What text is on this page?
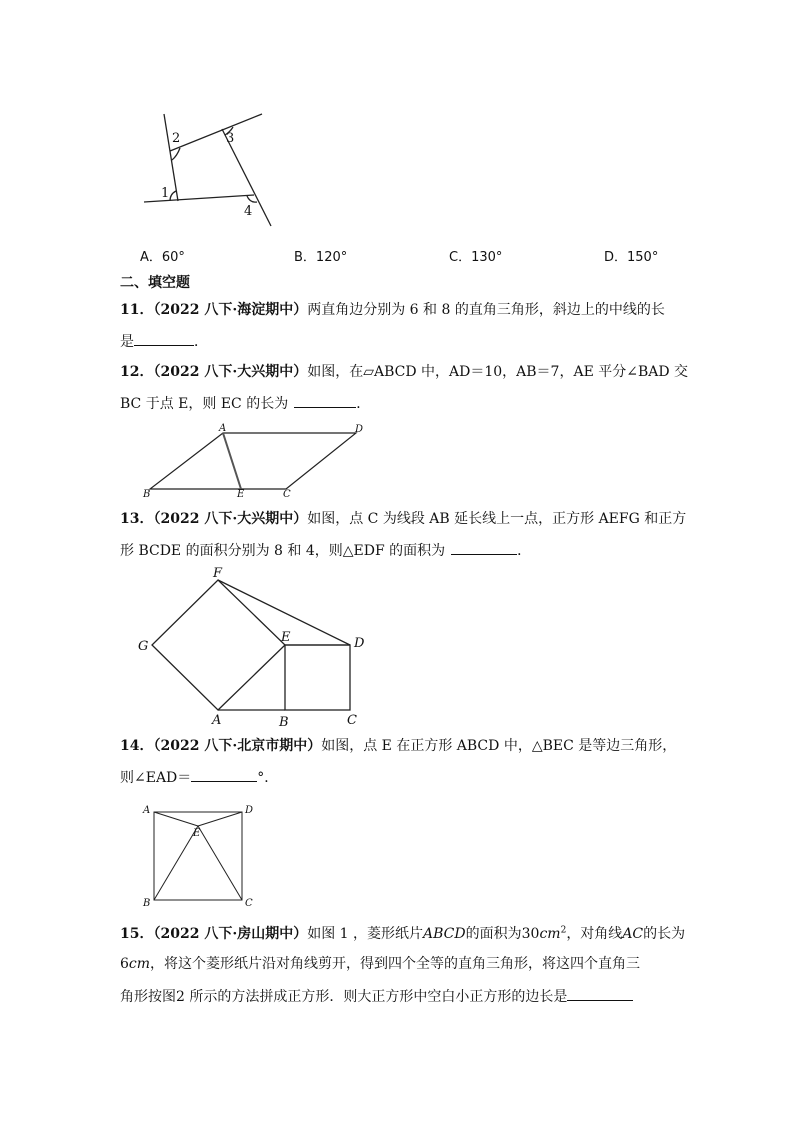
1
2	3
4
A．60°	B．120°	C．130°	D．150°
二、填空题
11．（2022 八下·海淀期中）两直角边分别为 6 和 8 的直角三角形，斜边上的中线的长
是	．
12．（2022 八下·大兴期中）如图，在▱ABCD 中，AD＝10，AB＝7，AE 平分∠BAD 交
BC 于点 E，则 EC 的长为	．
A	D
B	E	C
13．（2022 八下·大兴期中）如图，点 C 为线段 AB 延长线上一点，正方形 AEFG 和正方
形 BCDE 的面积分别为 8 和 4，则△EDF 的面积为	．
F
G
E	D
A	B	C
14．（2022 八下·北京市期中）如图，点 E 在正方形 ABCD 中，△BEC 是等边三角形，
则∠EAD＝	°．
A	D
E
B	C
15．（2022 八下·房山期中）如图 1 ，菱形纸片ABCD的面积为$30cm^2$，对角线AC的长为
6cm，将这个菱形纸片沿对角线剪开，得到四个全等的直角三角形，将这四个直角三
角形按图2 所示的方法拼成正方形．则大正方形中空白小正方形的边长是
